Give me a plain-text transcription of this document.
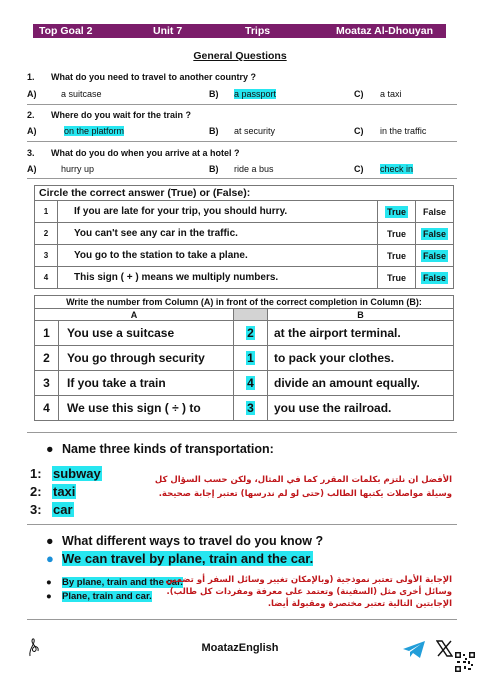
Top Goal 2	Unit 7	Trips	Moataz Al-Dhouyan
General Questions
1. What do you need to travel to another country ?
A)	a suitcase	B) a passport	C) a taxi
2. Where do you wait for the train ?
A)	on the platform	B) at security	C) in the traffic
3. What do you do when you arrive at a hotel ?
A)	hurry up	B) ride a bus	C) check in
Circle the correct answer (True) or (False):			
1	If you are late for your trip, you should hurry.	True	False
2	You can't see any car in the traffic.	True	False
3	You go to the station to take a plane.	True	False
4	This sign ( + ) means we multiply numbers.	True	False
Write the number from Column (A) in front of the correct completion in Column (B):			
A			B
1	You use a suitcase	2	at the airport terminal.
2	You go through security	1	to pack your clothes.
3	If you take a train	4	divide an amount equally.
4	We use this sign ( ÷ ) to	3	you use the railroad.
● Name three kinds of transportation:
1: subway
2: taxi
3: car
الأفضل ان نلتزم بكلمات المقرر كما في المثال، ولكن حسب السؤال كل
وسيلة مواصلات يكتبها الطالب (حتى لو لم ندرسها) تعتبر إجابة صحيحة.
● What different ways to travel do you know ?
● We can travel by plane, train and the car.
● By plane, train and the car.
● Plane, train and car.
الإجابة الأولى تعتبر نموذجية (وبالإمكان تغيير وسائل السفر أو تضمين
وسائل أخرى مثل (السفينة) وتعتمد على معرفة ومفردات كل طالب).
الإجابتين التالية تعتبر مختصرة ومقبولة أيضا.
MoatazEnglish
